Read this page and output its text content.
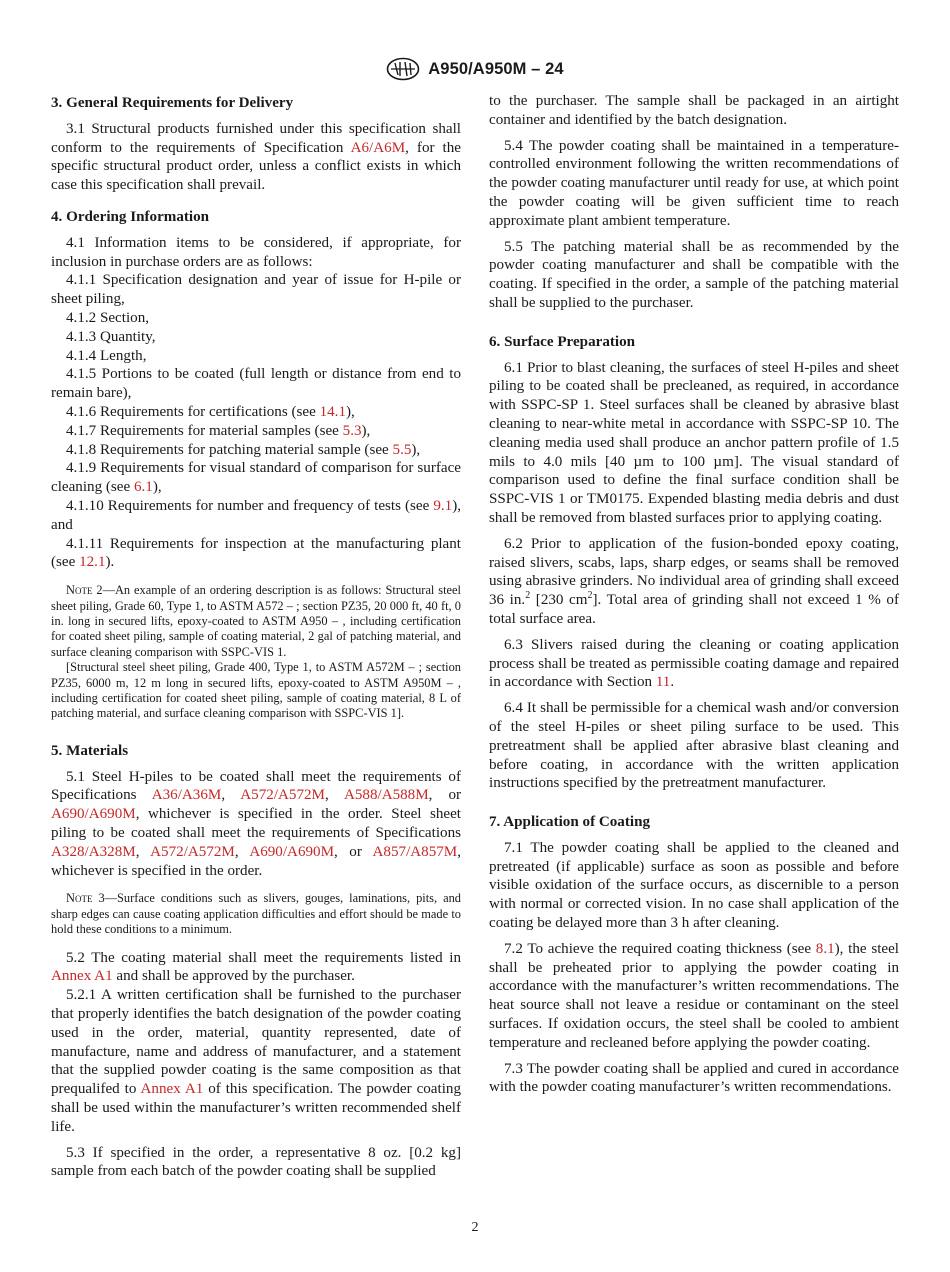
A950/A950M – 24

3. General Requirements for Delivery

3.1 Structural products furnished under this specification shall conform to the requirements of Specification A6/A6M, for the specific structural product order, unless a conflict exists in which case this specification shall prevail.

4. Ordering Information

4.1 Information items to be considered, if appropriate, for inclusion in purchase orders are as follows:

4.1.1 Specification designation and year of issue for H-pile or sheet piling,

4.1.2 Section,

4.1.3 Quantity,

4.1.4 Length,

4.1.5 Portions to be coated (full length or distance from end to remain bare),

4.1.6 Requirements for certifications (see 14.1),

4.1.7 Requirements for material samples (see 5.3),

4.1.8 Requirements for patching material sample (see 5.5),

4.1.9 Requirements for visual standard of comparison for surface cleaning (see 6.1),

4.1.10 Requirements for number and frequency of tests (see 9.1), and

4.1.11 Requirements for inspection at the manufacturing plant (see 12.1).

Note 2—An example of an ordering description is as follows: Structural steel sheet piling, Grade 60, Type 1, to ASTM A572 – ; section PZ35, 20 000 ft, 40 ft, 0 in. long in secured lifts, epoxy-coated to ASTM A950 – , including certification for coated sheet piling, sample of coating material, 2 gal of patching material, and surface cleaning comparison with SSPC-VIS 1.

[Structural steel sheet piling, Grade 400, Type 1, to ASTM A572M – ; section PZ35, 6000 m, 12 m long in secured lifts, epoxy-coated to ASTM A950M – , including certification for coated sheet piling, sample of coating material, 8 L of patching material, and surface cleaning comparison with SSPC-VIS 1].

5. Materials

5.1 Steel H-piles to be coated shall meet the requirements of Specifications A36/A36M, A572/A572M, A588/A588M, or A690/A690M, whichever is specified in the order. Steel sheet piling to be coated shall meet the requirements of Specifications A328/A328M, A572/A572M, A690/A690M, or A857/A857M, whichever is specified in the order.

Note 3—Surface conditions such as slivers, gouges, laminations, pits, and sharp edges can cause coating application difficulties and effort should be made to hold these conditions to a minimum.

5.2 The coating material shall meet the requirements listed in Annex A1 and shall be approved by the purchaser.

5.2.1 A written certification shall be furnished to the purchaser that properly identifies the batch designation of the powder coating used in the order, material, quantity represented, date of manufacture, name and address of manufacturer, and a statement that the supplied powder coating is the same composition as that prequalifed to Annex A1 of this specification. The powder coating shall be used within the manufacturer’s written recommended shelf life.

5.3 If specified in the order, a representative 8 oz. [0.2 kg] sample from each batch of the powder coating shall be supplied

to the purchaser. The sample shall be packaged in an airtight container and identified by the batch designation.

5.4 The powder coating shall be maintained in a temperature-controlled environment following the written recommendations of the powder coating manufacturer until ready for use, at which point the powder coating will be given sufficient time to reach approximate plant ambient temperature.

5.5 The patching material shall be as recommended by the powder coating manufacturer and shall be compatible with the coating. If specified in the order, a sample of the patching material shall be supplied to the purchaser.

6. Surface Preparation

6.1 Prior to blast cleaning, the surfaces of steel H-piles and sheet piling to be coated shall be precleaned, as required, in accordance with SSPC-SP 1. Steel surfaces shall be cleaned by abrasive blast cleaning to near-white metal in accordance with SSPC-SP 10. The cleaning media used shall produce an anchor pattern profile of 1.5 mils to 4.0 mils [40 µm to 100 µm]. The visual standard of comparison used to define the final surface condition shall be SSPC-VIS 1 or TM0175. Expended blasting media debris and dust shall be removed from blasted surfaces prior to applying coating.

6.2 Prior to application of the fusion-bonded epoxy coating, raised slivers, scabs, laps, sharp edges, or seams shall be removed using abrasive grinders. No individual area of grinding shall exceed 36 in.$^2$ [230 $cm^2$]. Total area of grinding shall not exceed 1 % of total surface area.

6.3 Slivers raised during the cleaning or coating application process shall be treated as permissible coating damage and repaired in accordance with Section 11.

6.4 It shall be permissible for a chemical wash and/or conversion of the steel H-piles or sheet piling surface to be used. This pretreatment shall be applied after abrasive blast cleaning and before coating, in accordance with the written application instructions specified by the pretreatment manufacturer.

7. Application of Coating

7.1 The powder coating shall be applied to the cleaned and pretreated (if applicable) surface as soon as possible and before visible oxidation of the surface occurs, as discernible to a person with normal or corrected vision. In no case shall application of the coating be delayed more than 3 h after cleaning.

7.2 To achieve the required coating thickness (see 8.1), the steel shall be preheated prior to applying the powder coating in accordance with the manufacturer’s written recommendations. The heat source shall not leave a residue or contaminant on the steel surfaces. If oxidation occurs, the steel shall be cooled to ambient temperature and recleaned before applying the powder coating.

7.3 The powder coating shall be applied and cured in accordance with the powder coating manufacturer’s written recommendations.

2
